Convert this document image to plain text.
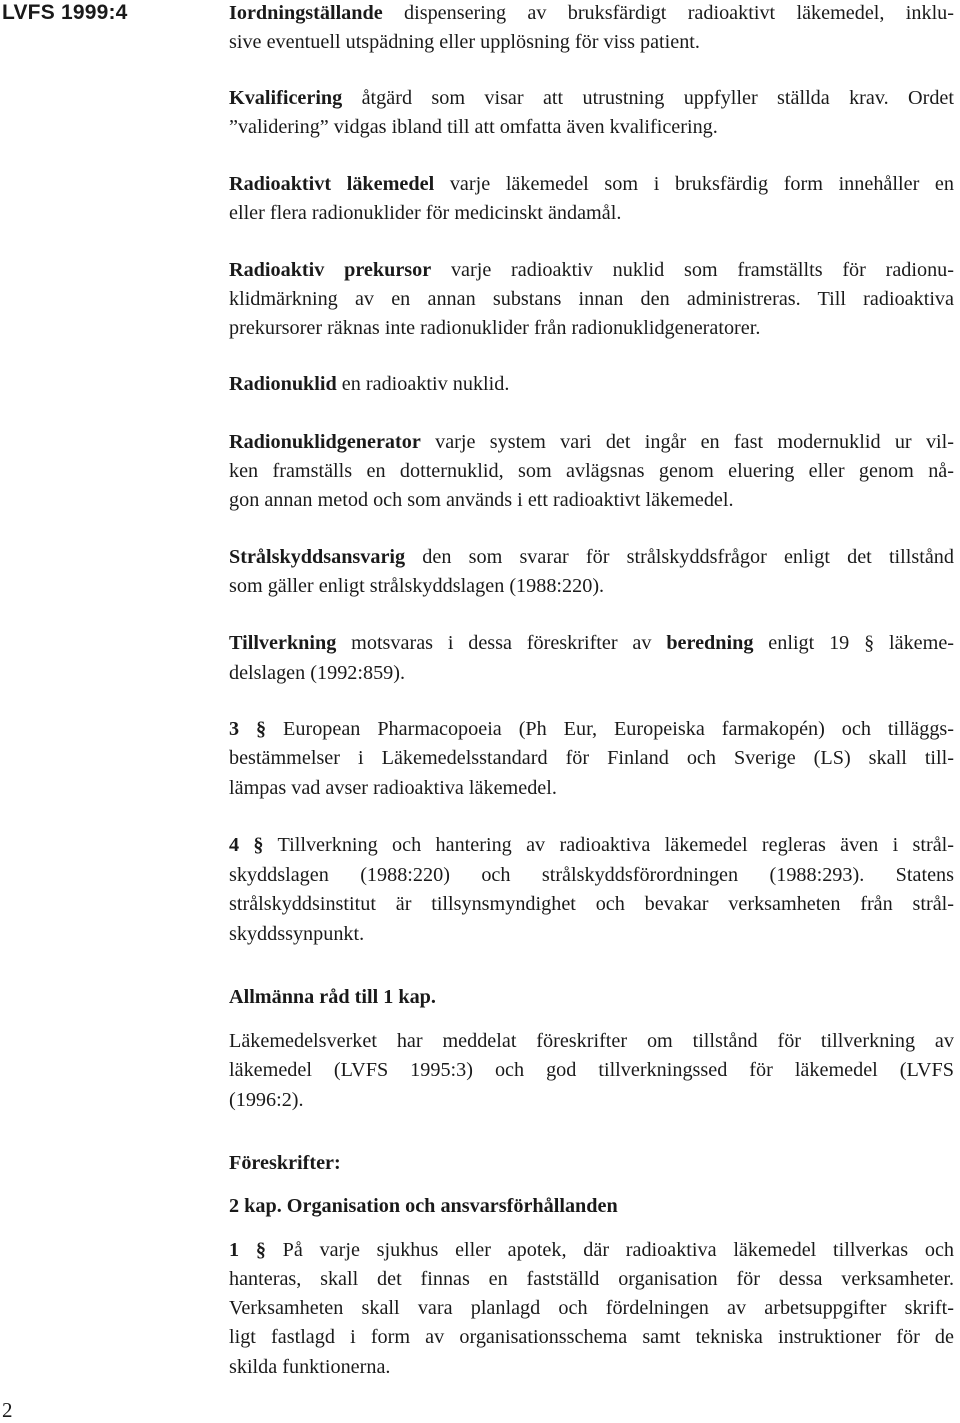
LVFS 1999:4	Iordningställande dispensering av bruksfärdigt radioaktivt läkemedel, inklu-
sive eventuell utspädning eller upplösning för viss patient.
Kvalificering åtgärd som visar att utrustning uppfyller ställda krav. Ordet
”validering” vidgas ibland till att omfatta även kvalificering.
Radioaktivt läkemedel varje läkemedel som i bruksfärdig form innehåller en
eller flera radionuklider för medicinskt ändamål.
Radioaktiv prekursor varje radioaktiv nuklid som framställts för radionu-
klidmärkning av en annan substans innan den administreras. Till radioaktiva
prekursorer räknas inte radionuklider från radionuklidgeneratorer.
Radionuklid en radioaktiv nuklid.
Radionuklidgenerator varje system vari det ingår en fast modernuklid ur vil-
ken framställs en dotternuklid, som avlägsnas genom eluering eller genom nå-
gon annan metod och som används i ett radioaktivt läkemedel.
Strålskyddsansvarig den som svarar för strålskyddsfrågor enligt det tillstånd
som gäller enligt strålskyddslagen (1988:220).
Tillverkning motsvaras i dessa föreskrifter av beredning enligt 19 § läkeme-
delslagen (1992:859).
3 § European Pharmacopoeia (Ph Eur, Europeiska farmakopén) och tilläggs-
bestämmelser i Läkemedelsstandard för Finland och Sverige (LS) skall till-
lämpas vad avser radioaktiva läkemedel.
4 § Tillverkning och hantering av radioaktiva läkemedel regleras även i strål-
skyddslagen (1988:220) och strålskyddsförordningen (1988:293). Statens
strålskyddsinstitut är tillsynsmyndighet och bevakar verksamheten från strål-
skyddssynpunkt.
Allmänna råd till 1 kap.
Läkemedelsverket har meddelat föreskrifter om tillstånd för tillverkning av
läkemedel (LVFS 1995:3) och god tillverkningssed för läkemedel (LVFS
(1996:2).
Föreskrifter:
2 kap. Organisation och ansvarsförhållanden
1 § På varje sjukhus eller apotek, där radioaktiva läkemedel tillverkas och
hanteras, skall det finnas en fastställd organisation för dessa verksamheter.
Verksamheten skall vara planlagd och fördelningen av arbetsuppgifter skrift-
ligt fastlagd i form av organisationsschema samt tekniska instruktioner för de
skilda funktionerna.
2
